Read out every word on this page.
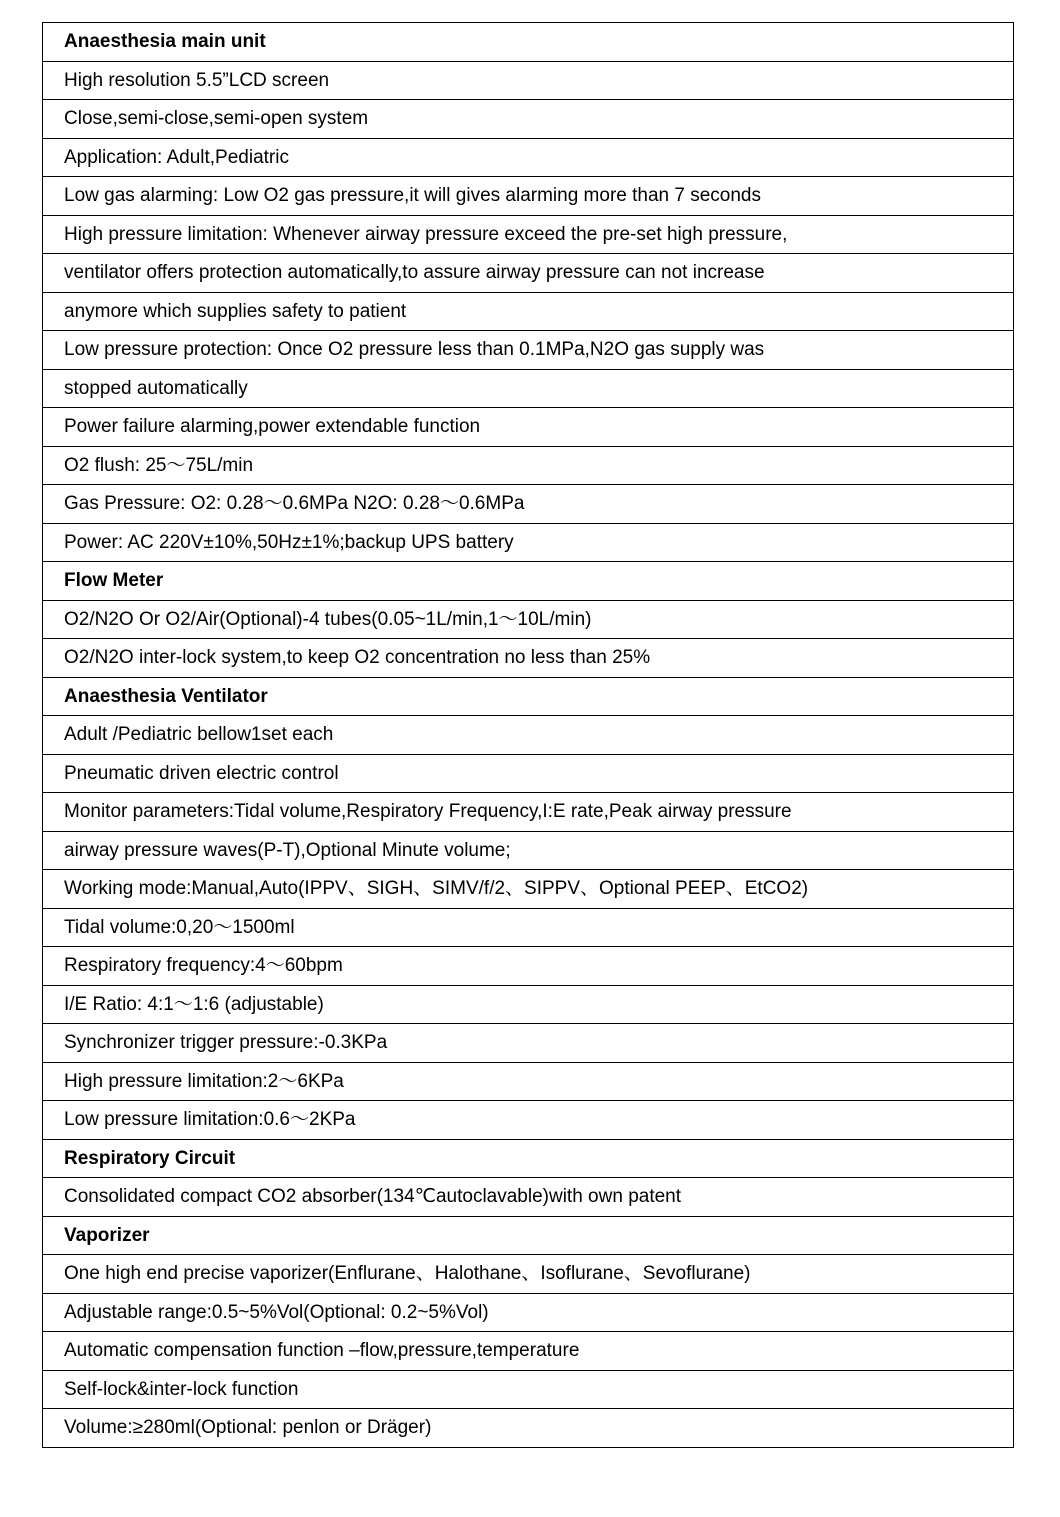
Anaesthesia main unit
High resolution 5.5”LCD screen
Close,semi-close,semi-open system
Application: Adult,Pediatric
Low gas alarming: Low O2 gas pressure,it will gives alarming more than 7 seconds
High pressure limitation: Whenever airway pressure exceed the pre-set high pressure,
ventilator offers protection automatically,to assure airway pressure can not increase
anymore which supplies safety to patient
Low pressure protection: Once O2 pressure less than 0.1MPa,N2O gas supply was
stopped automatically
Power failure alarming,power extendable function
O2 flush: 25～75L/min
Gas Pressure: O2: 0.28～0.6MPa N2O: 0.28～0.6MPa
Power: AC 220V±10%,50Hz±1%;backup UPS battery
Flow Meter
O2/N2O Or O2/Air(Optional)-4 tubes(0.05~1L/min,1～10L/min)
O2/N2O inter-lock system,to keep O2 concentration no less than 25%
Anaesthesia Ventilator
Adult /Pediatric bellow1set each
Pneumatic driven electric control
Monitor parameters:Tidal volume,Respiratory Frequency,I:E rate,Peak airway pressure
airway pressure waves(P-T),Optional Minute volume;
Working mode:Manual,Auto(IPPV、SIGH、SIMV/f/2、SIPPV、Optional PEEP、EtCO2)
Tidal volume:0,20～1500ml
Respiratory frequency:4～60bpm
I/E Ratio: 4:1～1:6 (adjustable)
Synchronizer trigger pressure:-0.3KPa
High pressure limitation:2～6KPa
Low pressure limitation:0.6～2KPa
Respiratory Circuit
Consolidated compact CO2 absorber(134℃autoclavable)with own patent
Vaporizer
One high end precise vaporizer(Enflurane、Halothane、Isoflurane、Sevoflurane)
Adjustable range:0.5~5%Vol(Optional: 0.2~5%Vol)
Automatic compensation function –flow,pressure,temperature
Self-lock&inter-lock function
Volume:≥280ml(Optional: penlon or Dräger)
